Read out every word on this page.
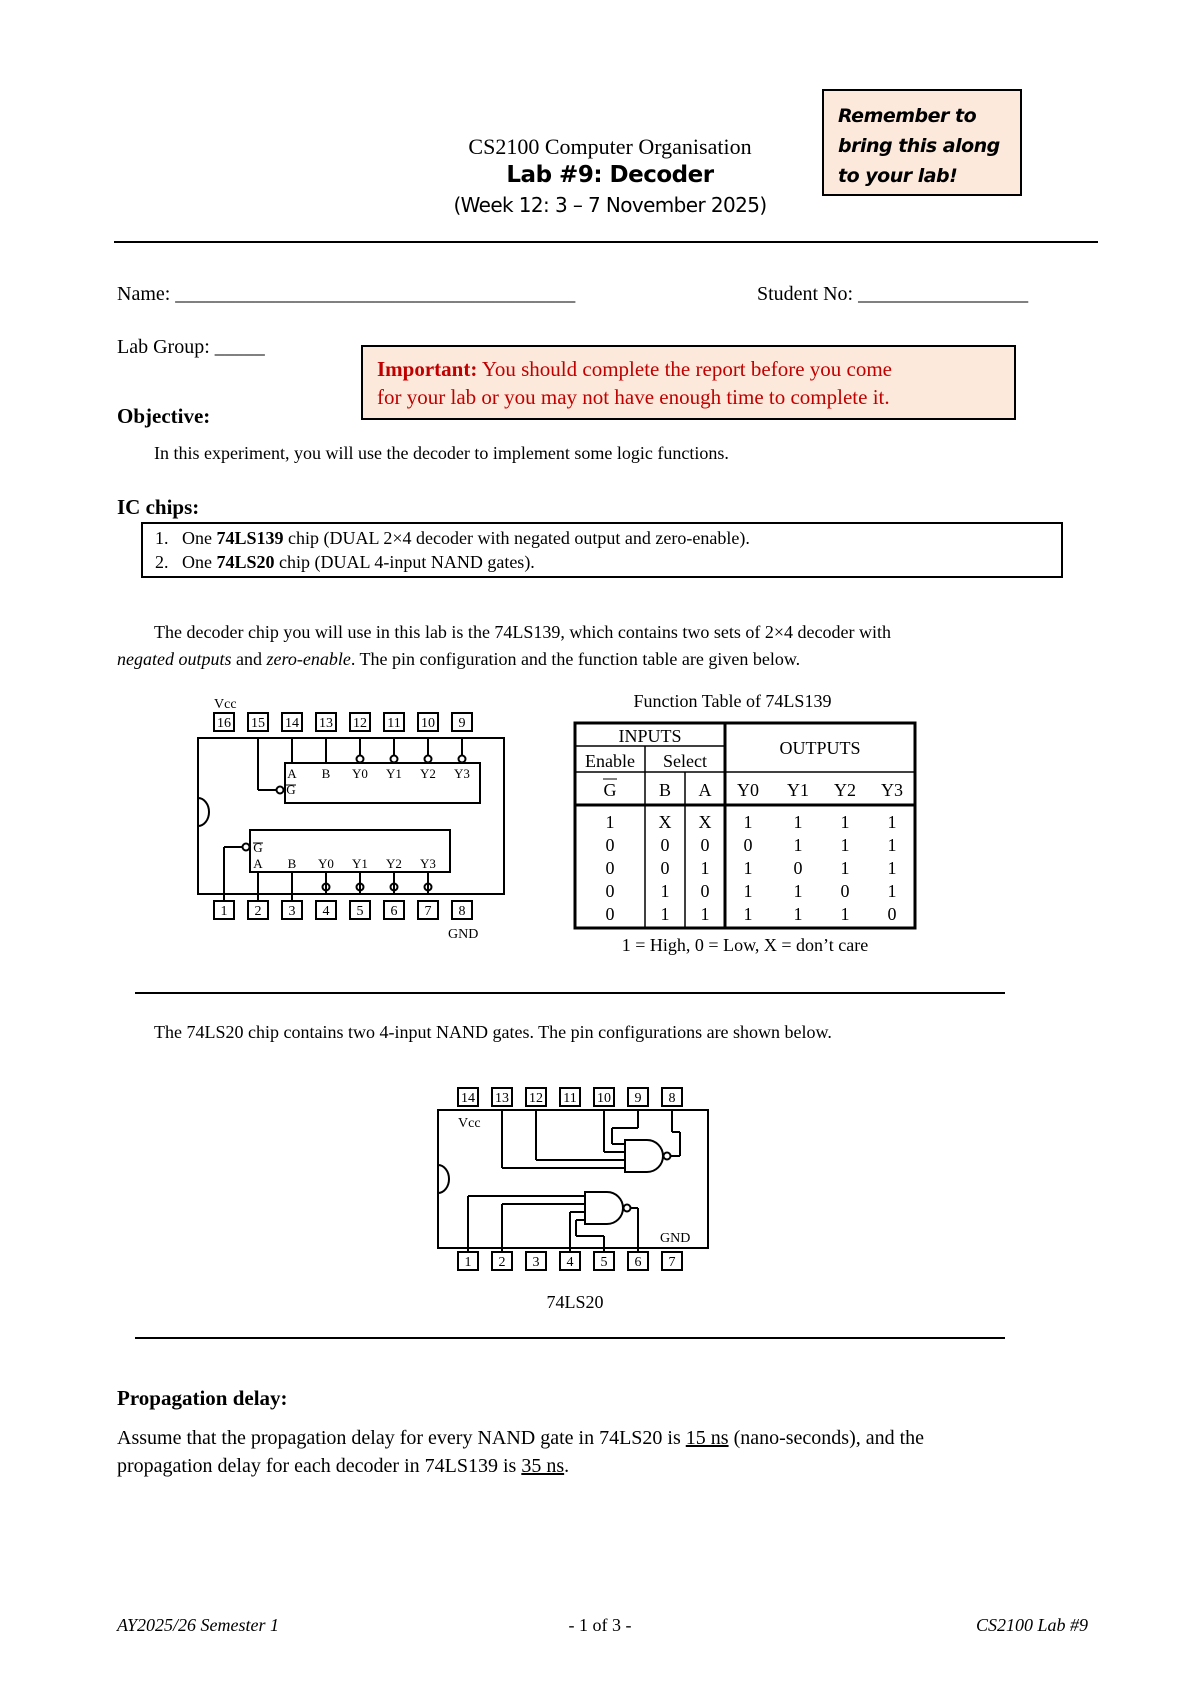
CS2100 Computer Organisation
Lab #9: Decoder
(Week 12: 3 – 7 November 2025)
Remember to
bring this along
to your lab!
Name: ________________________________________	Student No: _________________
Lab Group: _____
Important: You should complete the report before you come
for your lab or you may not have enough time to complete it.
Objective:
In this experiment, you will use the decoder to implement some logic functions.
IC chips:
1. One 74LS139 chip (DUAL 2×4 decoder with negated output and zero-enable).
2. One 74LS20 chip (DUAL 4-input NAND gates).
The decoder chip you will use in this lab is the 74LS139, which contains two sets of 2×4 decoder with
negated outputs and zero-enable. The pin configuration and the function table are given below.
Vcc
GND
16 15 14 13 12 11 10 9
1 2 3 4 5 6 7 8
A B Y0 Y1 Y2 Y3
G
G
A B Y0 Y1 Y2 Y3
Function Table of 74LS139
INPUTS
OUTPUTS
Enable Select
G B A Y0 Y1 Y2 Y3
1 X X 1 1 1 1
0	0 0 0 1 1 1
0	0 1 1 0 1 1
0	1 0 1 1 0 1
0	1 1 1 1 1 0
1 = High, 0 = Low, X = don’t care
The 74LS20 chip contains two 4-input NAND gates. The pin configurations are shown below.
14 13 12 11 10 9 8
1 2 3 4 5 6 7
Vcc
GND
74LS20
Propagation delay:
Assume that the propagation delay for every NAND gate in 74LS20 is 15 ns (nano-seconds), and the
propagation delay for each decoder in 74LS139 is 35 ns.
AY2025/26 Semester 1	- 1 of 3 -	CS2100 Lab #9
